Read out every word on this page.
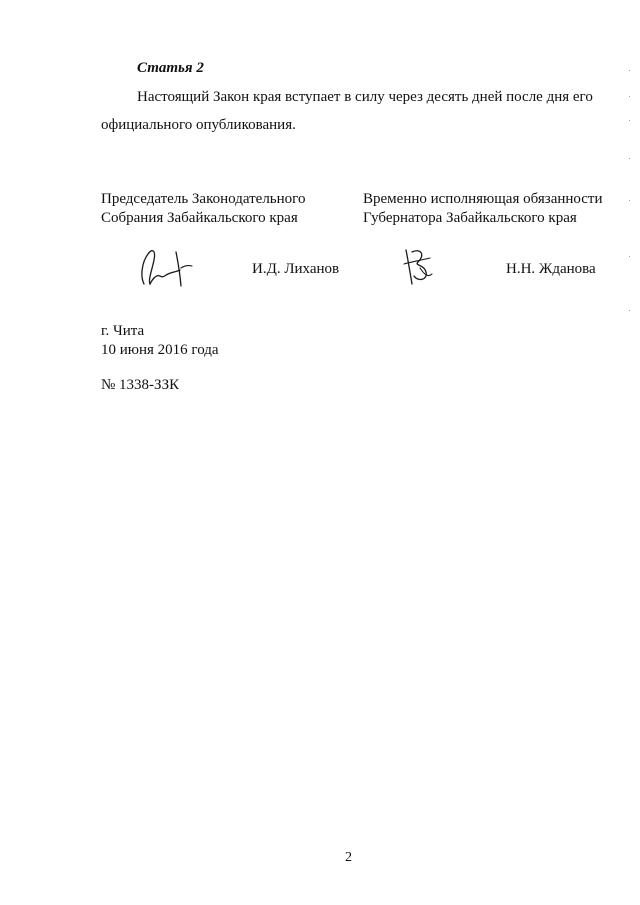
Статья 2
Настоящий Закон края вступает в силу через десять дней после дня его
официального опубликования.
Председатель Законодательного
Собрания Забайкальского края
Временно исполняющая обязанности
Губернатора Забайкальского края
И.Д. Лиханов	Н.Н. Жданова
г. Чита
10 июня 2016 года
№ 1338-ЗЗК
2
